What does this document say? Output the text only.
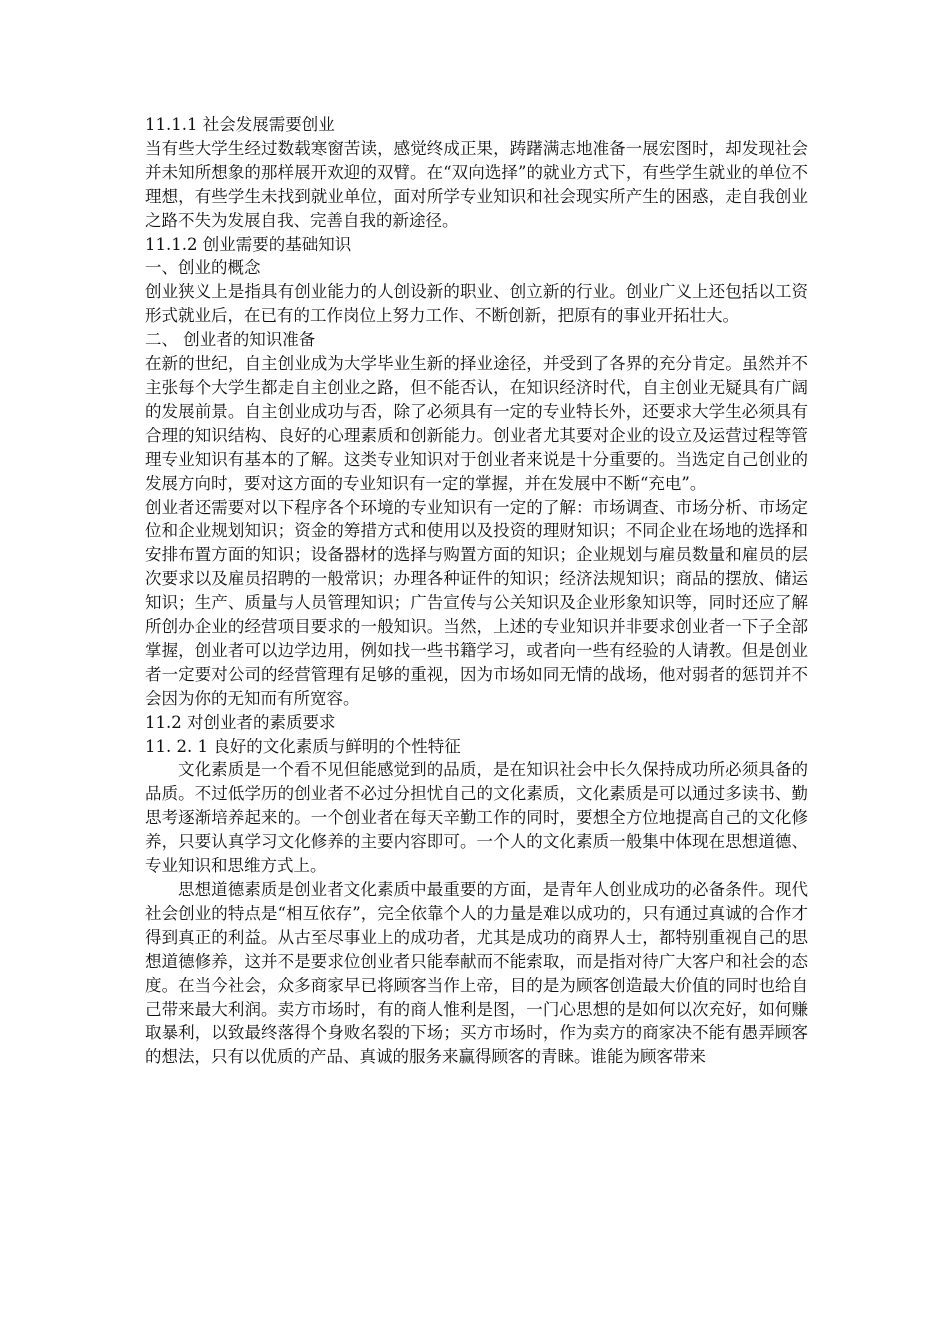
11.1.1 社会发展需要创业

当有些大学生经过数载寒窗苦读，感觉终成正果，踌躇满志地准备一展宏图时，却发现社会并未知所想象的那样展开欢迎的双臂。在“双向选择”的就业方式下，有些学生就业的单位不理想，有些学生未找到就业单位，面对所学专业知识和社会现实所产生的困惑，走自我创业之路不失为发展自我、完善自我的新途径。

11.1.2 创业需要的基础知识
一、创业的概念

创业狭义上是指具有创业能力的人创设新的职业、创立新的行业。创业广义上还包括以工资形式就业后，在已有的工作岗位上努力工作、不断创新，把原有的事业开拓壮大。

二、 创业者的知识准备

在新的世纪，自主创业成为大学毕业生新的择业途径，并受到了各界的充分肯定。虽然并不主张每个大学生都走自主创业之路，但不能否认，在知识经济时代，自主创业无疑具有广阔的发展前景。自主创业成功与否，除了必须具有一定的专业特长外，还要求大学生必须具有合理的知识结构、良好的心理素质和创新能力。创业者尤其要对企业的设立及运营过程等管理专业知识有基本的了解。这类专业知识对于创业者来说是十分重要的。当选定自己创业的发展方向时，要对这方面的专业知识有一定的掌握，并在发展中不断“充电”。

创业者还需要对以下程序各个环境的专业知识有一定的了解：市场调查、市场分析、市场定位和企业规划知识；资金的筹措方式和使用以及投资的理财知识；不同企业在场地的选择和安排布置方面的知识；设备器材的选择与购置方面的知识；企业规划与雇员数量和雇员的层次要求以及雇员招聘的一般常识；办理各种证件的知识；经济法规知识；商品的摆放、储运知识；生产、质量与人员管理知识；广告宣传与公关知识及企业形象知识等，同时还应了解所创办企业的经营项目要求的一般知识。当然，上述的专业知识并非要求创业者一下子全部掌握，创业者可以边学边用，例如找一些书籍学习，或者向一些有经验的人请教。但是创业者一定要对公司的经营管理有足够的重视，因为市场如同无情的战场，他对弱者的惩罚并不会因为你的无知而有所宽容。

11.2 对创业者的素质要求
11. 2. 1 良好的文化素质与鲜明的个性特征

文化素质是一个看不见但能感觉到的品质，是在知识社会中长久保持成功所必须具备的品质。不过低学历的创业者不必过分担忧自己的文化素质，文化素质是可以通过多读书、勤思考逐渐培养起来的。一个创业者在每天辛勤工作的同时，要想全方位地提高自己的文化修养，只要认真学习文化修养的主要内容即可。一个人的文化素质一般集中体现在思想道德、专业知识和思维方式上。

思想道德素质是创业者文化素质中最重要的方面，是青年人创业成功的必备条件。现代社会创业的特点是“相互依存”，完全依靠个人的力量是难以成功的，只有通过真诚的合作才得到真正的利益。从古至尽事业上的成功者，尤其是成功的商界人士，都特别重视自己的思想道德修养，这并不是要求位创业者只能奉献而不能索取，而是指对待广大客户和社会的态度。在当今社会，众多商家早已将顾客当作上帝，目的是为顾客创造最大价值的同时也给自己带来最大利润。卖方市场时，有的商人惟利是图，一门心思想的是如何以次充好，如何赚取暴利，以致最终落得个身败名裂的下场；买方市场时，作为卖方的商家决不能有愚弄顾客的想法，只有以优质的产品、真诚的服务来赢得顾客的青睐。谁能为顾客带来
